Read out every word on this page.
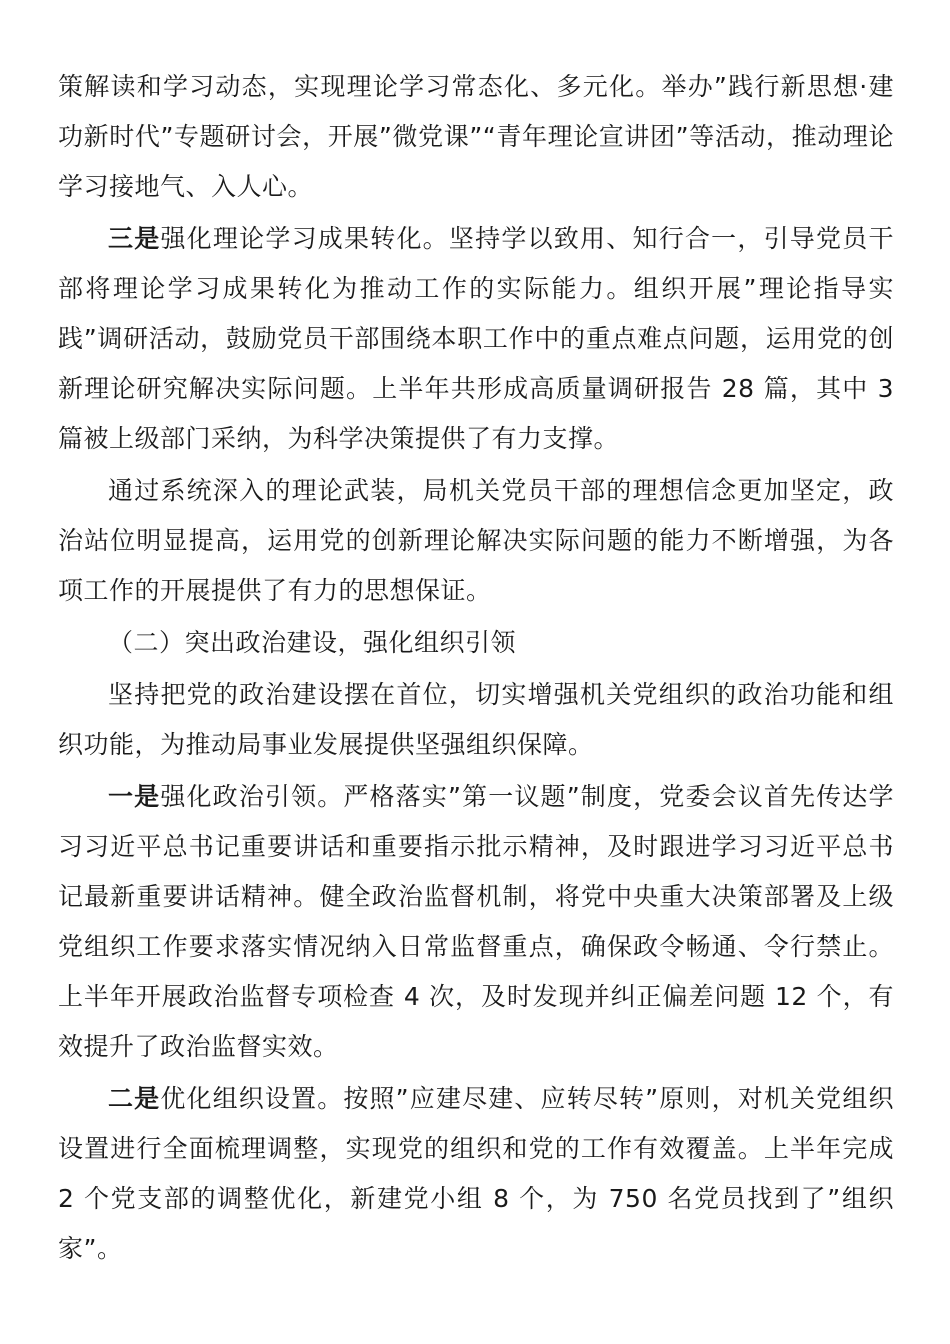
策解读和学习动态，实现理论学习常态化、多元化。举办”践行新思想·建功新时代”专题研讨会，开展”微党课”“青年理论宣讲团”等活动，推动理论学习接地气、入人心。

三是强化理论学习成果转化。坚持学以致用、知行合一，引导党员干部将理论学习成果转化为推动工作的实际能力。组织开展”理论指导实践”调研活动，鼓励党员干部围绕本职工作中的重点难点问题，运用党的创新理论研究解决实际问题。上半年共形成高质量调研报告 28 篇，其中 3 篇被上级部门采纳，为科学决策提供了有力支撑。

通过系统深入的理论武装，局机关党员干部的理想信念更加坚定，政治站位明显提高，运用党的创新理论解决实际问题的能力不断增强，为各项工作的开展提供了有力的思想保证。

（二）突出政治建设，强化组织引领

坚持把党的政治建设摆在首位，切实增强机关党组织的政治功能和组织功能，为推动局事业发展提供坚强组织保障。

一是强化政治引领。严格落实”第一议题”制度，党委会议首先传达学习习近平总书记重要讲话和重要指示批示精神，及时跟进学习习近平总书记最新重要讲话精神。健全政治监督机制，将党中央重大决策部署及上级党组织工作要求落实情况纳入日常监督重点，确保政令畅通、令行禁止。上半年开展政治监督专项检查 4 次，及时发现并纠正偏差问题 12 个，有效提升了政治监督实效。

二是优化组织设置。按照”应建尽建、应转尽转”原则，对机关党组织设置进行全面梳理调整，实现党的组织和党的工作有效覆盖。上半年完成 2 个党支部的调整优化，新建党小组 8 个，为 750 名党员找到了”组织家”。
